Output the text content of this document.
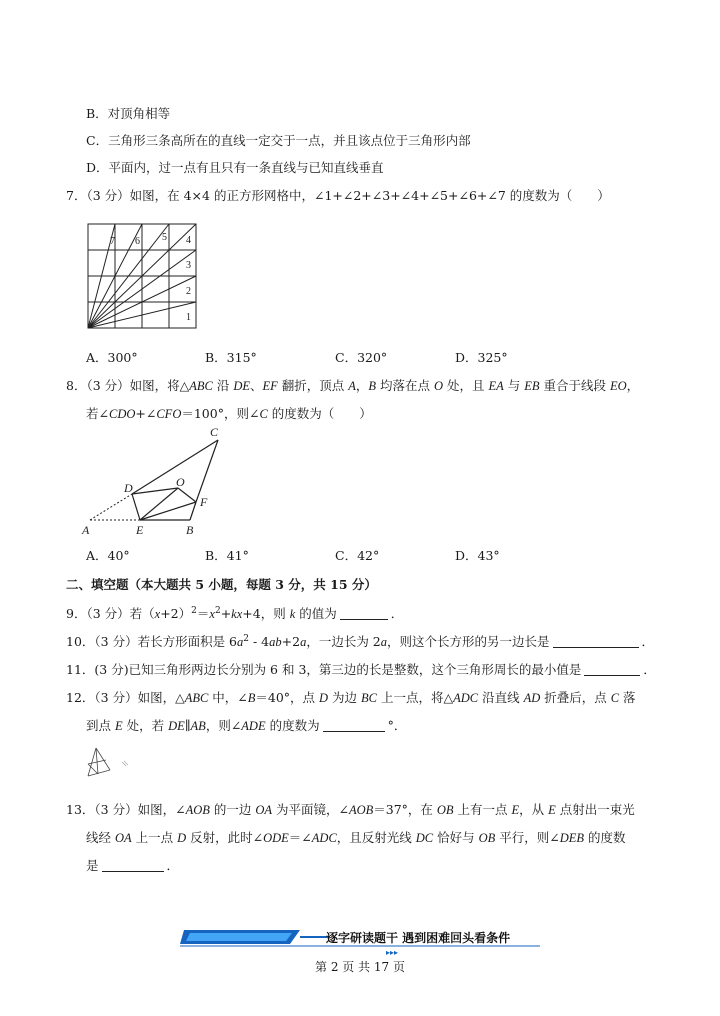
B．对顶角相等
C．三角形三条高所在的直线一定交于一点，并且该点位于三角形内部
D．平面内，过一点有且只有一条直线与已知直线垂直
7．（3 分）如图，在 4×4 的正方形网格中，∠1+∠2+∠3+∠4+∠5+∠6+∠7 的度数为（　　）
1
2
3
4
5
6
7
A．300°	B．315°	C．320°	D．325°
8．（3 分）如图，将△ABC 沿 DE、EF 翻折，顶点 A，B 均落在点 O 处，且 EA 与 EB 重合于线段 EO，
若∠CDO+∠CFO＝100°，则∠C 的度数为（　　）
A	B
C
D
E
F
O
A．40°	B．41°	C．42°	D．43°
二、填空题（本大题共 5 小题，每题 3 分，共 15 分）
9．（3 分）若$(x+2)^2=x^2+kx+4$，则 k 的值为	．
10．（3 分）若长方形面积是 $6a^2 - 4ab+2a$，一边长为 2a，则这个长方形的另一边长是	．
11．(3 分)已知三角形两边长分别为 6 和 3，第三边的长是整数，这个三角形周长的最小值是	．
12．（3 分）如图，△ABC 中，∠B＝40°，点 D 为边 BC 上一点，将△ADC 沿直线 AD 折叠后，点 C 落
到点 E 处，若 DE∥AB，则∠ADE 的度数为	°．
13．（3 分）如图，∠AOB 的一边 OA 为平面镜，∠AOB＝37°，在 OB 上有一点 E，从 E 点射出一束光
线经 OA 上一点 D 反射，此时∠ODE＝∠ADC，且反射光线 DC 恰好与 OB 平行，则∠DEB 的度数
是	．
逐字研读题干 遇到困难回头看条件
▸▸▸
第 2 页 共 17 页
